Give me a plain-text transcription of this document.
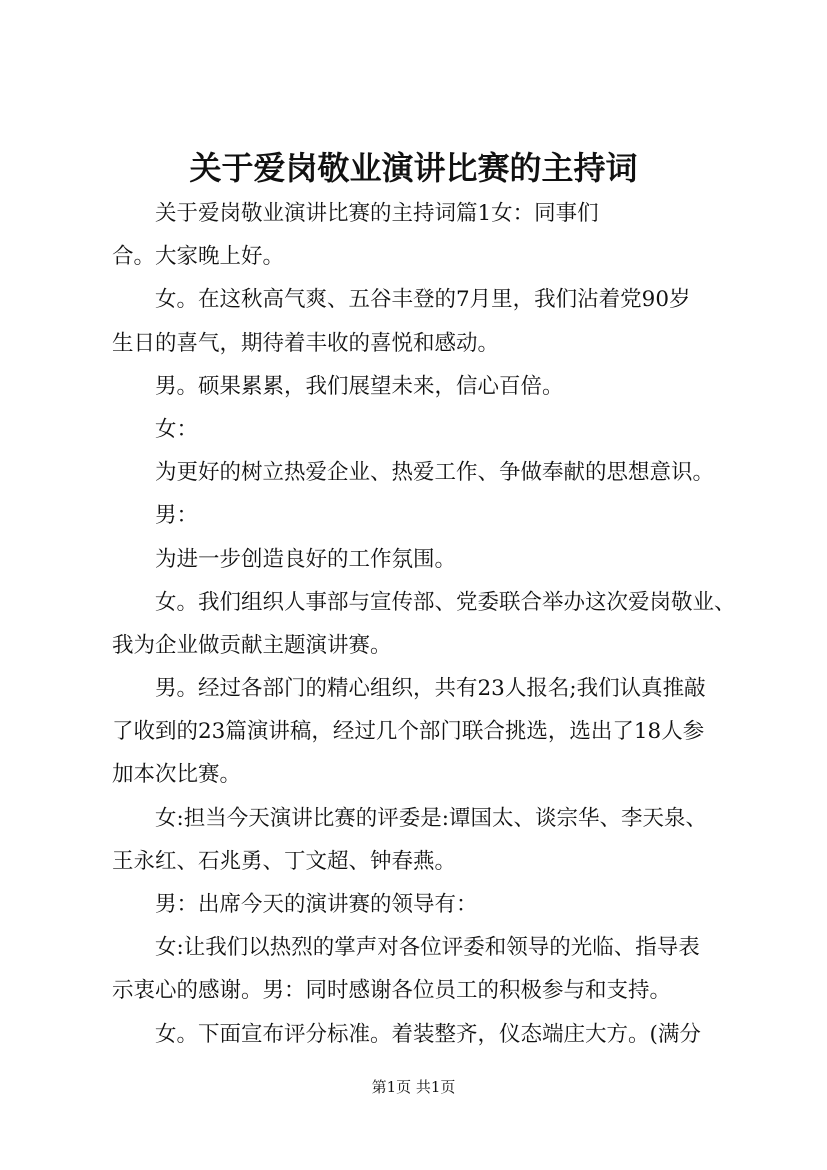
关于爱岗敬业演讲比赛的主持词
关于爱岗敬业演讲比赛的主持词篇1女：同事们
合。大家晚上好。
女。在这秋高气爽、五谷丰登的7月里，我们沾着党90岁
生日的喜气，期待着丰收的喜悦和感动。
男。硕果累累，我们展望未来，信心百倍。
女：
为更好的树立热爱企业、热爱工作、争做奉献的思想意识。
男：
为进一步创造良好的工作氛围。
女。我们组织人事部与宣传部、党委联合举办这次爱岗敬业、
我为企业做贡献主题演讲赛。
男。经过各部门的精心组织，共有23人报名;我们认真推敲
了收到的23篇演讲稿，经过几个部门联合挑选，选出了18人参
加本次比赛。
女:担当今天演讲比赛的评委是:谭国太、谈宗华、李天泉、
王永红、石兆勇、丁文超、钟春燕。
男：出席今天的演讲赛的领导有：
女:让我们以热烈的掌声对各位评委和领导的光临、指导表
示衷心的感谢。男：同时感谢各位员工的积极参与和支持。
女。下面宣布评分标准。着装整齐，仪态端庄大方。(满分
第1页 共1页
